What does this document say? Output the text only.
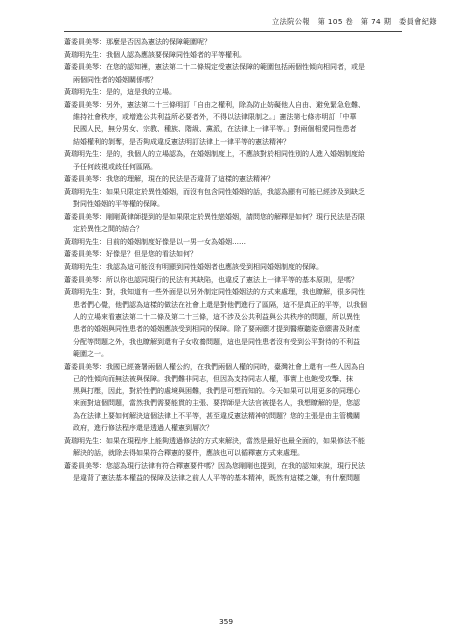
立法院公報 第 105 卷 第 74 期 委員會紀錄
蕭委員美琴：那麼是否因為憲法的保障範圍呢？
黃瑞明先生：我個人認為應該要保障同性婚者的平等權利。
蕭委員美琴：在您的認知裡，憲法第二十二條規定受憲法保障的範圍包括兩個性傾向相同者，或是
兩個同性者的婚姻關係嗎？
黃瑞明先生：是的，這是我的立場。
蕭委員美琴：另外，憲法第二十三條明訂「自由之權利，除為防止妨礙他人自由、避免緊急危難、
維持社會秩序，或增進公共利益所必要者外，不得以法律限制之。」憲法第七條亦明訂「中華
民國人民，無分男女、宗教、種族、階級、黨派，在法律上一律平等。」對兩個相愛同性患者
結婚權利的剝奪，是否夠成違反憲法明訂法律上一律平等的憲法精神？
黃瑞明先生：是的，我個人的立場認為，在婚姻制度上，不應該對於相同性別的人進入婚姻制度給
予任何歧視或歧任何區隔。
蕭委員美琴：我您的理解，現在的民法是否違背了這樣的憲法精神？
黃瑞明先生：如果只限定於異性婚姻，而沒有包含同性婚姻的話，我認為顯有可能已經涉及到缺乏
對同性婚姻的平等權的保障。
蕭委員美琴：剛剛黃律師提到的是如果限定於異性戀婚姻，請問您的解釋是如何？現行民法是否限
定於異性之間的結合？
黃瑞明先生：目前的婚姻制度好像是以一男一女為婚姻……
蕭委員美琴：好像是？但是您的看法如何？
黃瑞明先生：我認為這可能沒有明顯到同性婚姻者也應該受到相同婚姻制度的保障。
蕭委員美琴：所以你也認同現行的民法有其缺陷，也違反了憲法上一律平等的基本原則，是嗎？
黃瑞明先生：對，我知道有一些外面是以另外制定同性婚姻法的方式來處理，我也瞭解，很多同性
患者們心覺，他們認為這樣的做法在社會上還是對他們進行了區隔，這不是真正的平等，以我個
人的立場來看憲法第二十二條及第二十三條，這不涉及公共利益與公共秩序的問題，所以異性
患者的婚姻與同性患者的婚姻應該受到相同的保障。除了要兩願才提到醫療聽姿意願書及財產
分配等問題之外，我也瞭解到還有子女收養問題，這也是同性患者沒有受到公平對待的不利益
範圍之一。
蕭委員美琴：我國已經簽署兩個人權公約，在我們兩個人權的同時，臺灣社會上還有一些人因為自
己的性傾向而無法被與保障。我們難非同志，但因為支持同志人權，事實上也飽受攻擊、抹
黑與打壓，因此，對於性們的處境與困難，我們是可想而知的。今天如果可以用更多的同理心
來面對這個問題，當然我們需要能貫的主張、要捍師是大法官被提名人，我想瞭解的是，您認
為在法律上要如何解決這個法律上不平等，甚至違反憲法精神的問題？您的主張是由主管機關
政府，進行修法程序還是透過人權憲到層次？
黃瑞明先生：如果在現程序上能夠透過修法的方式來解決，當然是最好也最全面的，如果修法不能
解決的話，就除去得如果符合釋憲的要件，應該也可以循釋憲方式來處理。
蕭委員美琴：您認為現行法律有符合釋憲要件嗎？因為您剛剛也提到，在我的認知來說，現行民法
是違背了憲法基本權益的保障及法律之前人人平等的基本精神，既然有這樣之嫌，有什麼問題
359
